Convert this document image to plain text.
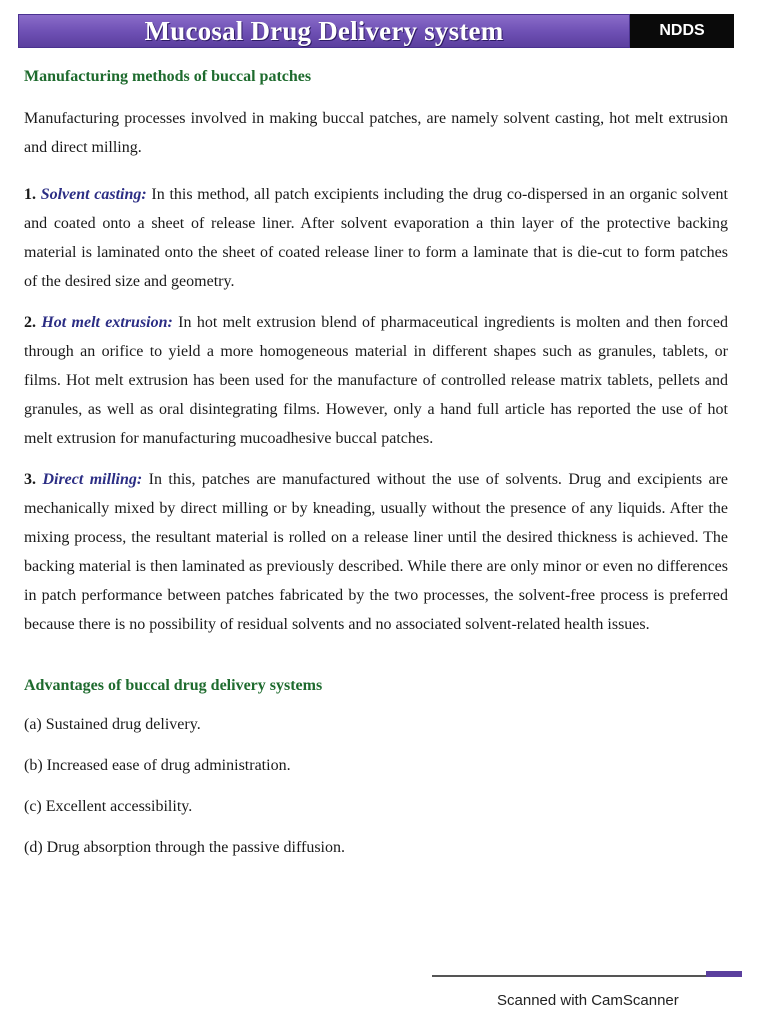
Mucosal Drug Delivery system	NDDS
Manufacturing methods of buccal patches

Manufacturing processes involved in making buccal patches, are namely solvent casting, hot melt extrusion and direct milling.

1. Solvent casting: In this method, all patch excipients including the drug co-dispersed in an organic solvent and coated onto a sheet of release liner. After solvent evaporation a thin layer of the protective backing material is laminated onto the sheet of coated release liner to form a laminate that is die-cut to form patches of the desired size and geometry.

2. Hot melt extrusion: In hot melt extrusion blend of pharmaceutical ingredients is molten and then forced through an orifice to yield a more homogeneous material in different shapes such as granules, tablets, or films. Hot melt extrusion has been used for the manufacture of controlled release matrix tablets, pellets and granules, as well as oral disintegrating films. However, only a hand full article has reported the use of hot melt extrusion for manufacturing mucoadhesive buccal patches.

3. Direct milling: In this, patches are manufactured without the use of solvents. Drug and excipients are mechanically mixed by direct milling or by kneading, usually without the presence of any liquids. After the mixing process, the resultant material is rolled on a release liner until the desired thickness is achieved. The backing material is then laminated as previously described. While there are only minor or even no differences in patch performance between patches fabricated by the two processes, the solvent-free process is preferred because there is no possibility of residual solvents and no associated solvent-related health issues.

Advantages of buccal drug delivery systems
(a) Sustained drug delivery.
(b) Increased ease of drug administration.
(c) Excellent accessibility.
(d) Drug absorption through the passive diffusion.
Scanned with CamScanner
